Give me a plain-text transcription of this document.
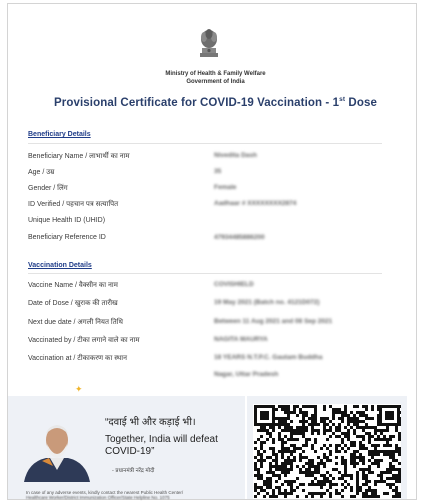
Ministry of Health & Family Welfare
Government of India
Provisional Certificate for COVID-19 Vaccination - 1st Dose
Beneficiary Details
Beneficiary Name / लाभार्थी का नाम	Nivedita Dash
Age / उम्र	35
Gender / लिंग	Female
ID Verified / पहचान पत्र सत्यापित	Aadhaar # XXXXXXXX2874
Unique Health ID (UHID)
Beneficiary Reference ID	47934485886200
Vaccination Details
Vaccine Name / वैक्सीन का नाम	COVISHIELD
Date of Dose / खुराक की तारीख	19 May 2021 (Batch no. 4121D072)
Next due date / अगली नियत तिथि	Between 11 Aug 2021 and 08 Sep 2021
Vaccinated by / टीका लगाने वाले का नाम	NAGITA MAURYA
Vaccination at / टीकाकरण का स्थान	18 YEARS N.T.P.C. Gautam Buddha
Nagar, Uttar Pradesh
✦
“दवाई भी और कड़ाई भी।
Together, India will defeat COVID-19”
- प्रधानमंत्री नरेंद्र मोदी
In case of any adverse events, kindly contact the nearest Public Health Center/
Healthcare Worker/District Immunization Officer/State Helpline No. 1075
